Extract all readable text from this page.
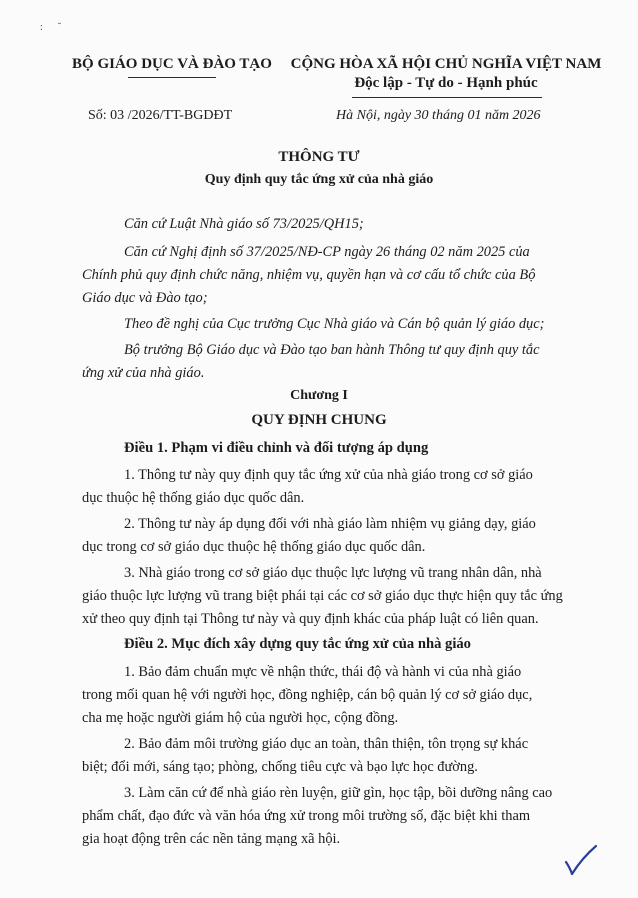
:      ˘
BỘ GIÁO DỤC VÀ ĐÀO TẠO	CỘNG HÒA XÃ HỘI CHỦ NGHĨA VIỆT NAM
Độc lập - Tự do - Hạnh phúc
Số: 03 /2026/TT-BGDĐT	Hà Nội, ngày 30 tháng 01 năm 2026
THÔNG TƯ
Quy định quy tắc ứng xử của nhà giáo
Căn cứ Luật Nhà giáo số 73/2025/QH15;
Căn cứ Nghị định số 37/2025/NĐ-CP ngày 26 tháng 02 năm 2025 của
Chính phủ quy định chức năng, nhiệm vụ, quyền hạn và cơ cấu tổ chức của Bộ
Giáo dục và Đào tạo;
Theo đề nghị của Cục trưởng Cục Nhà giáo và Cán bộ quản lý giáo dục;
Bộ trưởng Bộ Giáo dục và Đào tạo ban hành Thông tư quy định quy tắc
ứng xử của nhà giáo.
Chương I
QUY ĐỊNH CHUNG
Điều 1. Phạm vi điều chỉnh và đối tượng áp dụng
1. Thông tư này quy định quy tắc ứng xử của nhà giáo trong cơ sở giáo
dục thuộc hệ thống giáo dục quốc dân.
2. Thông tư này áp dụng đối với nhà giáo làm nhiệm vụ giảng dạy, giáo
dục trong cơ sở giáo dục thuộc hệ thống giáo dục quốc dân.
3. Nhà giáo trong cơ sở giáo dục thuộc lực lượng vũ trang nhân dân, nhà
giáo thuộc lực lượng vũ trang biệt phái tại các cơ sở giáo dục thực hiện quy tắc ứng
xử theo quy định tại Thông tư này và quy định khác của pháp luật có liên quan.
Điều 2. Mục đích xây dựng quy tắc ứng xử của nhà giáo
1. Bảo đảm chuẩn mực về nhận thức, thái độ và hành vi của nhà giáo
trong mối quan hệ với người học, đồng nghiệp, cán bộ quản lý cơ sở giáo dục,
cha mẹ hoặc người giám hộ của người học, cộng đồng.
2. Bảo đảm môi trường giáo dục an toàn, thân thiện, tôn trọng sự khác
biệt; đổi mới, sáng tạo; phòng, chống tiêu cực và bạo lực học đường.
3. Làm căn cứ để nhà giáo rèn luyện, giữ gìn, học tập, bồi dưỡng nâng cao
phẩm chất, đạo đức và văn hóa ứng xử trong môi trường số, đặc biệt khi tham
gia hoạt động trên các nền tảng mạng xã hội.
